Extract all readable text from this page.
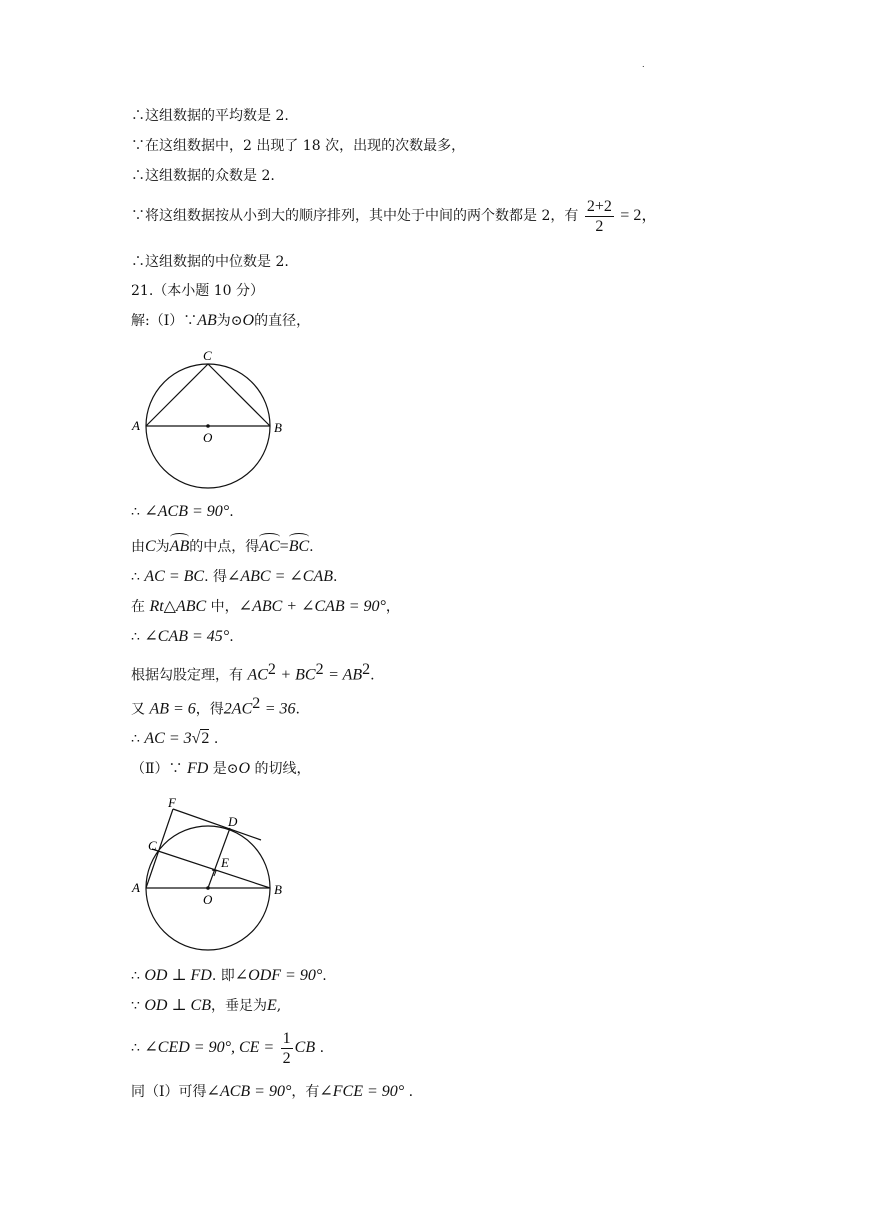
.
∴这组数据的平均数是 2.
∵在这组数据中，2 出现了 18 次，出现的次数最多，
∴这组数据的众数是 2.
∵将这组数据按从小到大的顺序排列，其中处于中间的两个数都是 2，有 $\frac{2+2}{2} = 2$，
∴这组数据的中位数是 2.
21.（本小题 10 分）
解:（Ⅰ）∵AB为⊙O的直径，
C
A	B
O
∴ ∠ACB = 90°.
由C为AB的中点，得AC=BC.
∴ AC = BC. 得∠ABC = ∠CAB.
在 Rt△ABC 中，∠ABC + ∠CAB = 90°，
∴ ∠CAB = 45°.
根据勾股定理，有 $AC^2 + BC^2 = AB^2$.
又 AB = 6，得$2AC^2 = 36$.
∴ AC = 3√2 .
（Ⅱ）∵ FD 是⊙O 的切线，
F
D
C
E
A	B
O
∴ OD ⊥ FD. 即∠ODF = 90°.
∵ OD ⊥ CB，垂足为E,
∴ ∠CED = 90°, CE = $\frac{1}{2}$ CB .
同（Ⅰ）可得∠ACB = 90°，有∠FCE = 90° .
